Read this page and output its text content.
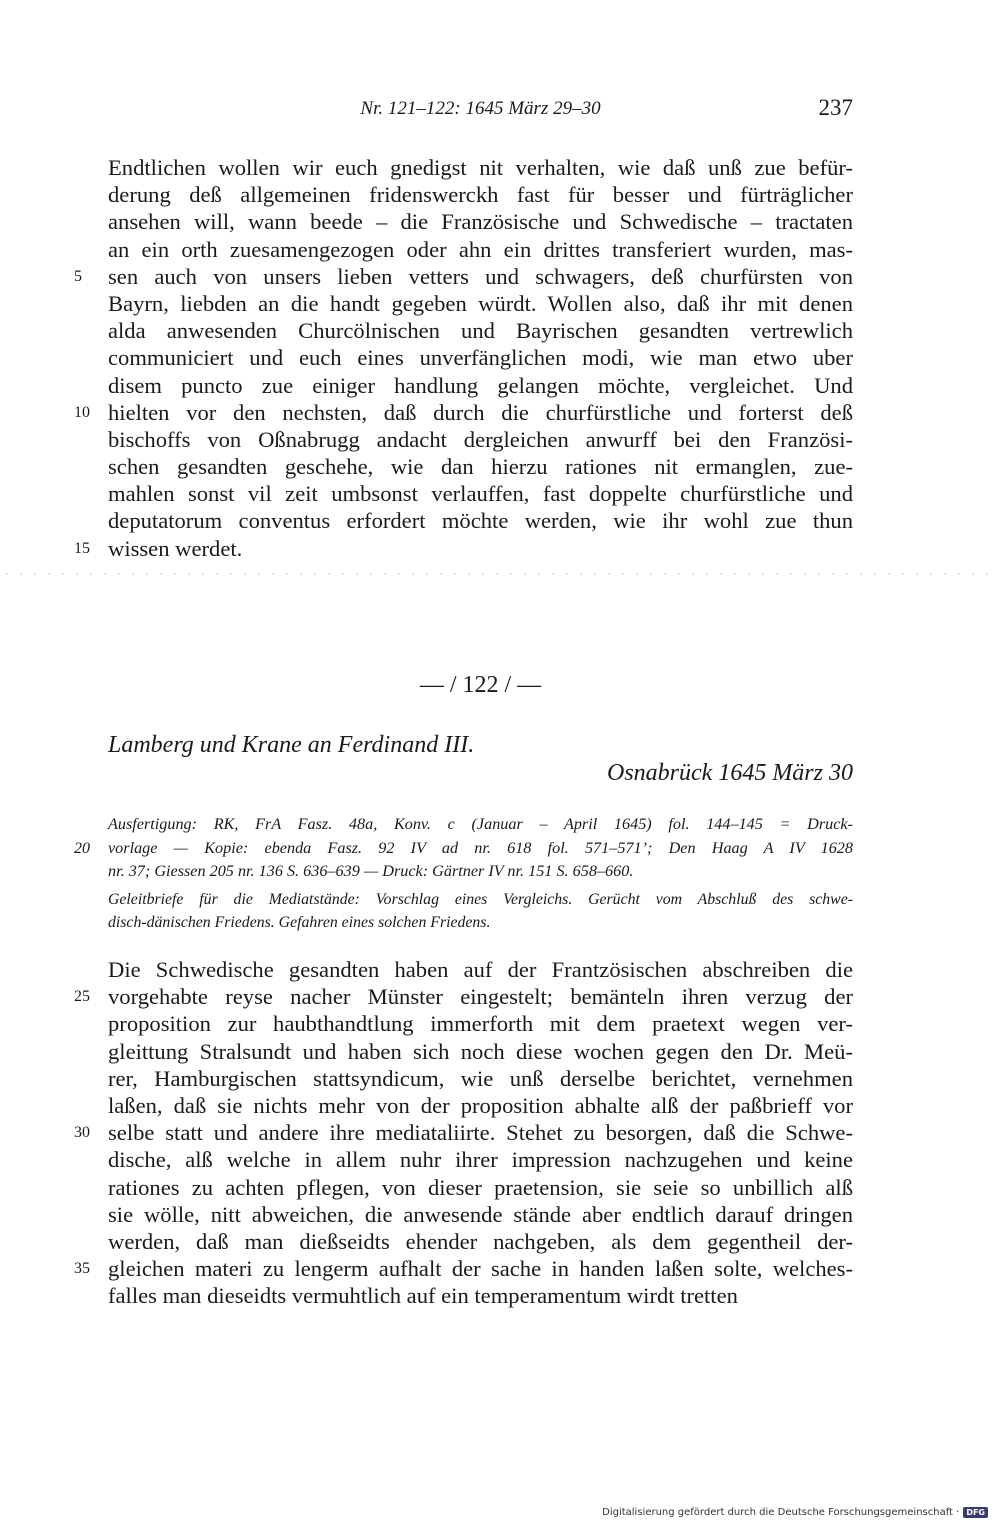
Nr. 121–122: 1645 März 29–30	237
Endtlichen wollen wir euch gnedigst nit verhalten, wie daß unß zue befür-
derung deß allgemeinen fridenswerckh fast für besser und fürträglicher
ansehen will, wann beede – die Französische und Schwedische – tractaten
an ein orth zuesamengezogen oder ahn ein drittes transferiert wurden, mas-
sen auch von unsers lieben vetters und schwagers, deß churfürsten von
5
Bayrn, liebden an die handt gegeben würdt. Wollen also, daß ihr mit denen
alda anwesenden Churcölnischen und Bayrischen gesandten vertrewlich
communiciert und euch eines unverfänglichen modi, wie man etwo uber
disem puncto zue einiger handlung gelangen möchte, vergleichet. Und
hielten vor den nechsten, daß durch die churfürstliche und forterst deß
10
bischoffs von Oßnabrugg andacht dergleichen anwurff bei den Französi-
schen gesandten geschehe, wie dan hierzu rationes nit ermanglen, zue-
mahlen sonst vil zeit umbsonst verlauffen, fast doppelte churfürstliche und
deputatorum conventus erfordert möchte werden, wie ihr wohl zue thun
wissen werdet.
15
— / 122 / —
Lamberg und Krane an Ferdinand III.
Osnabrück 1645 März 30
Ausfertigung: RK, FrA Fasz. 48a, Konv. c (Januar – April 1645) fol. 144–145 = Druck-
vorlage — Kopie: ebenda Fasz. 92 IV ad nr. 618 fol. 571–571’; Den Haag A IV 1628
20
nr. 37; Giessen 205 nr. 136 S. 636–639 — Druck: Gärtner IV nr. 151 S. 658–660.
Geleitbriefe für die Mediatstände: Vorschlag eines Vergleichs. Gerücht vom Abschluß des schwe-
disch-dänischen Friedens. Gefahren eines solchen Friedens.
Die Schwedische gesandten haben auf der Frantzösischen abschreiben die
vorgehabte reyse nacher Münster eingestelt; bemänteln ihren verzug der
25
proposition zur haubthandtlung immerforth mit dem praetext wegen ver-
gleittung Stralsundt und haben sich noch diese wochen gegen den Dr. Meü-
rer, Hamburgischen stattsyndicum, wie unß derselbe berichtet, vernehmen
laßen, daß sie nichts mehr von der proposition abhalte alß der paßbrieff vor
selbe statt und andere ihre mediataliirte. Stehet zu besorgen, daß die Schwe-
30
dische, alß welche in allem nuhr ihrer impression nachzugehen und keine
rationes zu achten pflegen, von dieser praetension, sie seie so unbillich alß
sie wölle, nitt abweichen, die anwesende stände aber endtlich darauf dringen
werden, daß man dießseidts ehender nachgeben, als dem gegentheil der-
gleichen materi zu lengerm aufhalt der sache in handen laßen solte, welches-
35
falles man dieseidts vermuhtlich auf ein temperamentum wirdt tretten
Digitalisierung gefördert durch die Deutsche Forschungsgemeinschaft · DFG
